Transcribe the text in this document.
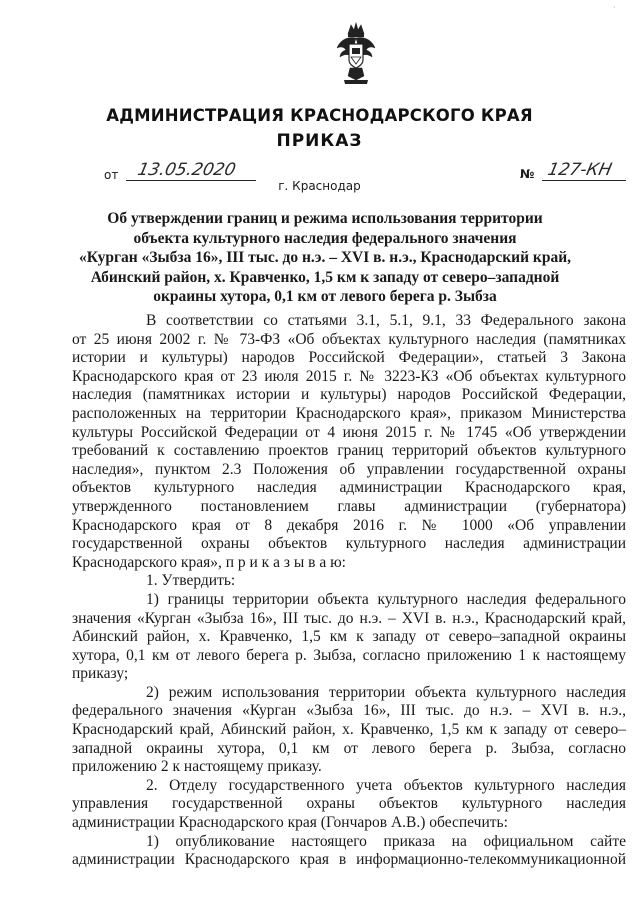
·
АДМИНИСТРАЦИЯ КРАСНОДАРСКОГО КРАЯ
ПРИКАЗ
от 13.05.2020	№ 127-КН
г. Краснодар
Об утверждении границ и режима использования территории
объекта культурного наследия федерального значения
«Курган «Зыбза 16», III тыс. до н.э. – XVI в. н.э., Краснодарский край,
Абинский район, х. Кравченко, 1,5 км к западу от северо–западной
окраины хутора, 0,1 км от левого берега р. Зыбза
В соответствии со статьями 3.1, 5.1, 9.1, 33 Федерального закона
от 25 июня 2002 г. № 73-ФЗ «Об объектах культурного наследия (памятниках
истории и культуры) народов Российской Федерации», статьей 3 Закона
Краснодарского края от 23 июля 2015 г. № 3223-КЗ «Об объектах культурного
наследия (памятниках истории и культуры) народов Российской Федерации,
расположенных на территории Краснодарского края», приказом Министерства
культуры Российской Федерации от 4 июня 2015 г. № 1745 «Об утверждении
требований к составлению проектов границ территорий объектов культурного
наследия», пунктом 2.3 Положения об управлении государственной охраны
объектов культурного наследия администрации Краснодарского края,
утвержденного постановлением главы администрации (губернатора)
Краснодарского края от 8 декабря 2016 г. № 1000 «Об управлении
государственной охраны объектов культурного наследия администрации
Краснодарского края», п р и к а з ы в а ю:
1. Утвердить:
1) границы территории объекта культурного наследия федерального
значения «Курган «Зыбза 16», III тыс. до н.э. – XVI в. н.э., Краснодарский край,
Абинский район, х. Кравченко, 1,5 км к западу от северо–западной окраины
хутора, 0,1 км от левого берега р. Зыбза, согласно приложению 1 к настоящему
приказу;
2) режим использования территории объекта культурного наследия
федерального значения «Курган «Зыбза 16», III тыс. до н.э. – XVI в. н.э.,
Краснодарский край, Абинский район, х. Кравченко, 1,5 км к западу от северо–
западной окраины хутора, 0,1 км от левого берега р. Зыбза, согласно
приложению 2 к настоящему приказу.
2. Отделу государственного учета объектов культурного наследия
управления государственной охраны объектов культурного наследия
администрации Краснодарского края (Гончаров А.В.) обеспечить:
1) опубликование настоящего приказа на официальном сайте
администрации Краснодарского края в информационно-телекоммуникационной
